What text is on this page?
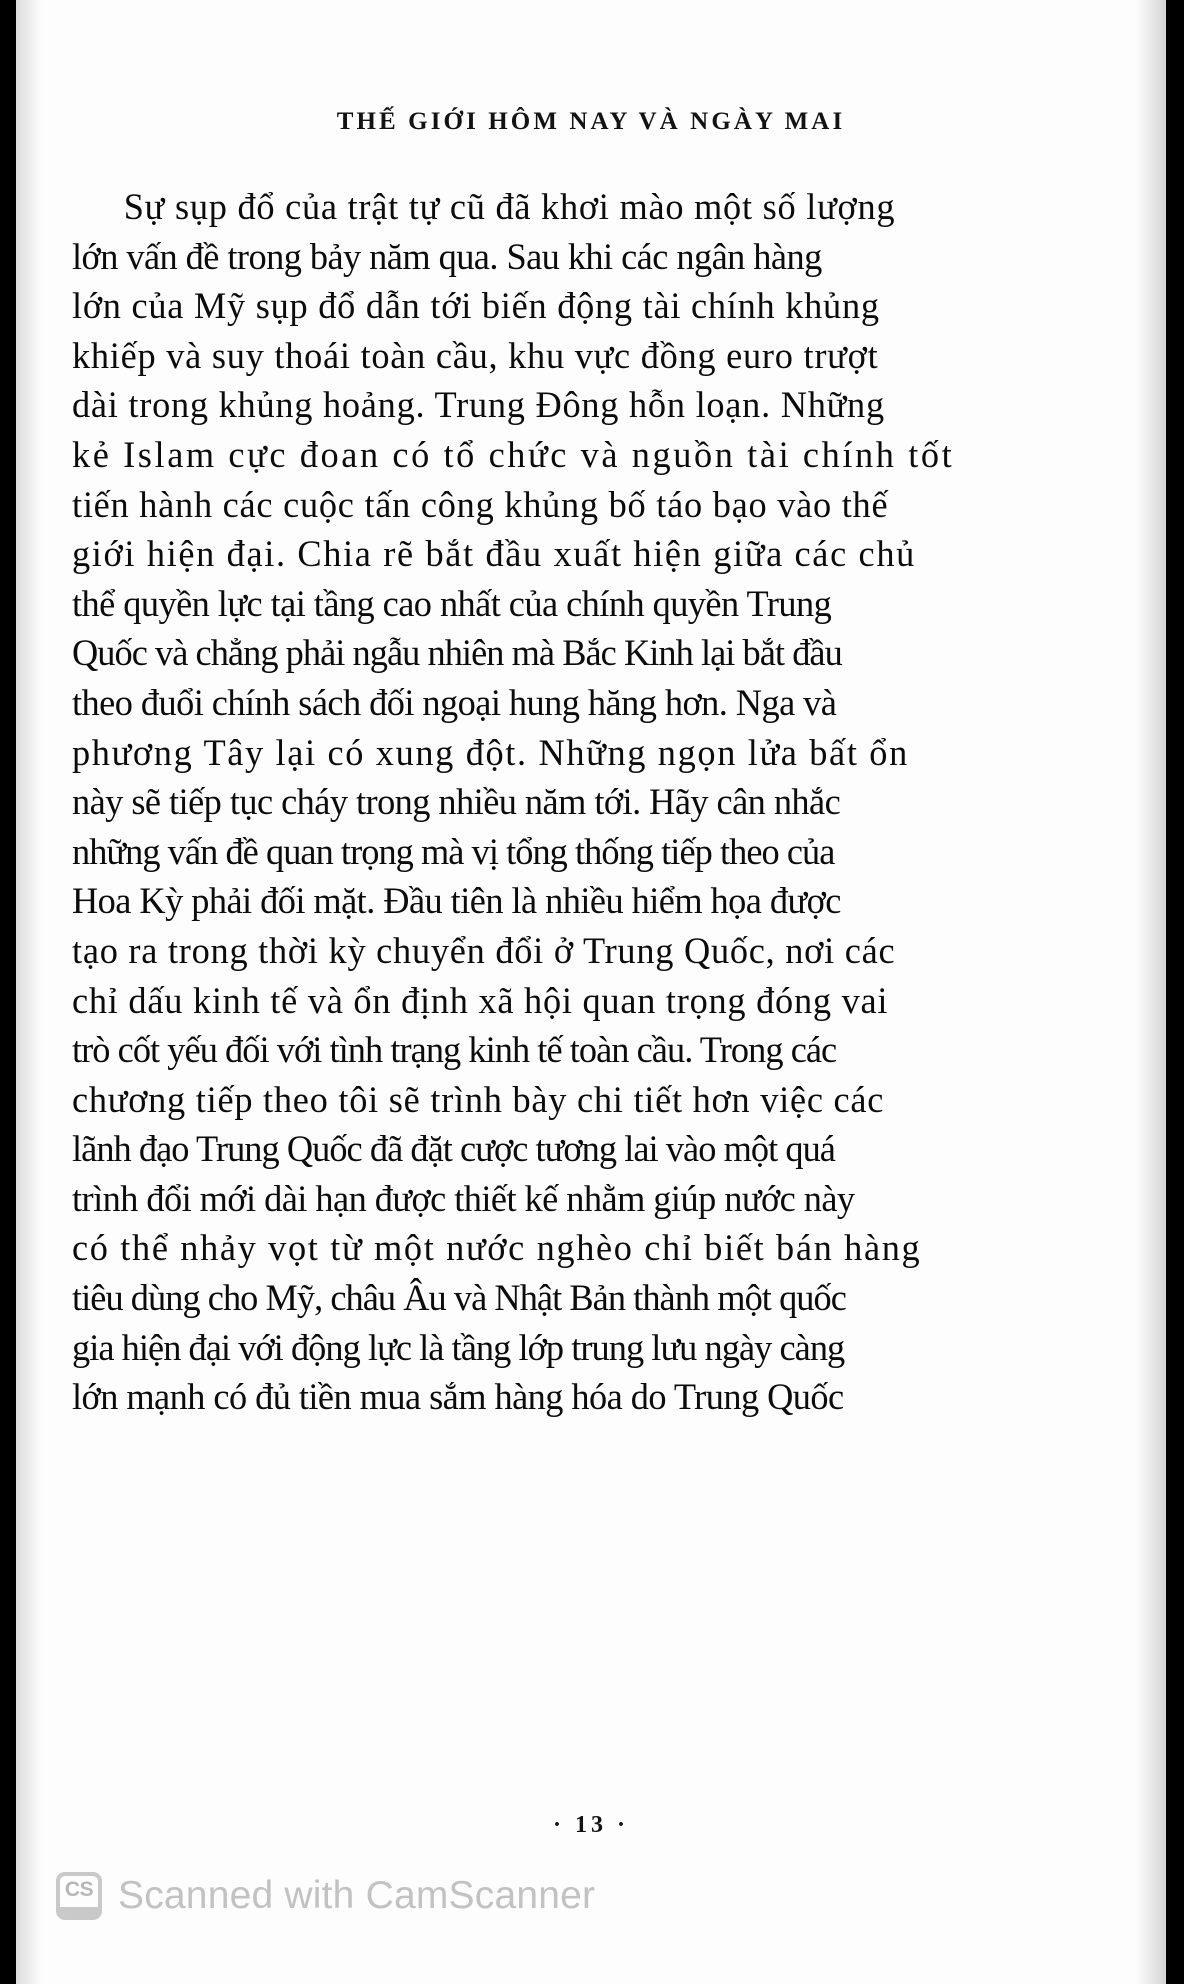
THẾ GIỚI HÔM NAY VÀ NGÀY MAI
Sự sụp đổ của trật tự cũ đã khơi mào một số lượng
lớn vấn đề trong bảy năm qua. Sau khi các ngân hàng
lớn của Mỹ sụp đổ dẫn tới biến động tài chính khủng
khiếp và suy thoái toàn cầu, khu vực đồng euro trượt
dài trong khủng hoảng. Trung Đông hỗn loạn. Những
kẻ Islam cực đoan có tổ chức và nguồn tài chính tốt
tiến hành các cuộc tấn công khủng bố táo bạo vào thế
giới hiện đại. Chia rẽ bắt đầu xuất hiện giữa các chủ
thể quyền lực tại tầng cao nhất của chính quyền Trung
Quốc và chẳng phải ngẫu nhiên mà Bắc Kinh lại bắt đầu
theo đuổi chính sách đối ngoại hung hăng hơn. Nga và
phương Tây lại có xung đột. Những ngọn lửa bất ổn
này sẽ tiếp tục cháy trong nhiều năm tới. Hãy cân nhắc
những vấn đề quan trọng mà vị tổng thống tiếp theo của
Hoa Kỳ phải đối mặt. Đầu tiên là nhiều hiểm họa được
tạo ra trong thời kỳ chuyển đổi ở Trung Quốc, nơi các
chỉ dấu kinh tế và ổn định xã hội quan trọng đóng vai
trò cốt yếu đối với tình trạng kinh tế toàn cầu. Trong các
chương tiếp theo tôi sẽ trình bày chi tiết hơn việc các
lãnh đạo Trung Quốc đã đặt cược tương lai vào một quá
trình đổi mới dài hạn được thiết kế nhằm giúp nước này
có thể nhảy vọt từ một nước nghèo chỉ biết bán hàng
tiêu dùng cho Mỹ, châu Âu và Nhật Bản thành một quốc
gia hiện đại với động lực là tầng lớp trung lưu ngày càng
lớn mạnh có đủ tiền mua sắm hàng hóa do Trung Quốc
· 13 ·
CS Scanned with CamScanner
